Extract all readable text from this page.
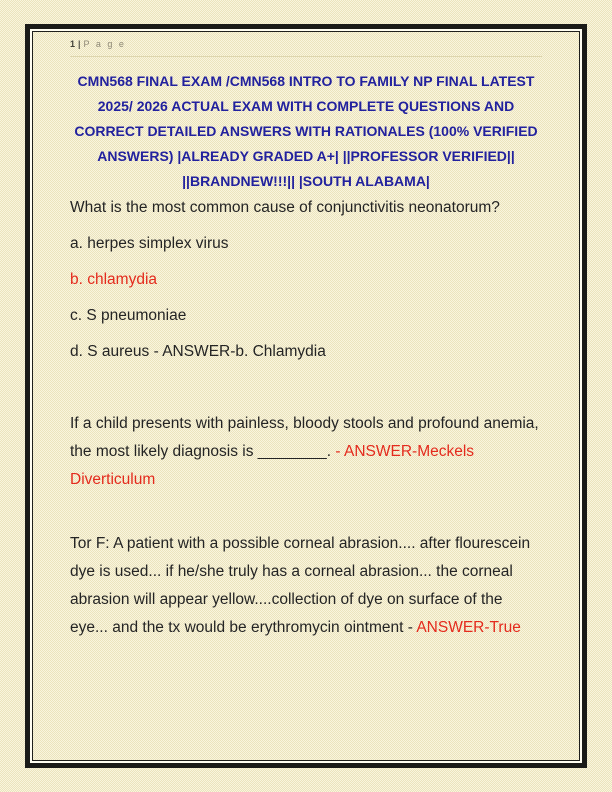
1 | P a g e
CMN568 FINAL EXAM /CMN568 INTRO TO FAMILY NP FINAL LATEST
2025/ 2026 ACTUAL EXAM WITH COMPLETE QUESTIONS AND
CORRECT DETAILED ANSWERS WITH RATIONALES (100% VERIFIED
ANSWERS) |ALREADY GRADED A+| ||PROFESSOR VERIFIED||
||BRANDNEW!!!|| |SOUTH ALABAMA|

What is the most common cause of conjunctivitis neonatorum?

a. herpes simplex virus

b. chlamydia

c. S pneumoniae

d. S aureus - ANSWER-b. Chlamydia

If a child presents with painless, bloody stools and profound anemia, the most likely diagnosis is ________. - ANSWER-Meckels Diverticulum

Tor F: A patient with a possible corneal abrasion.... after flourescein dye is used... if he/she truly has a corneal abrasion... the corneal abrasion will appear yellow....collection of dye on surface of the eye... and the tx would be erythromycin ointment - ANSWER-True
